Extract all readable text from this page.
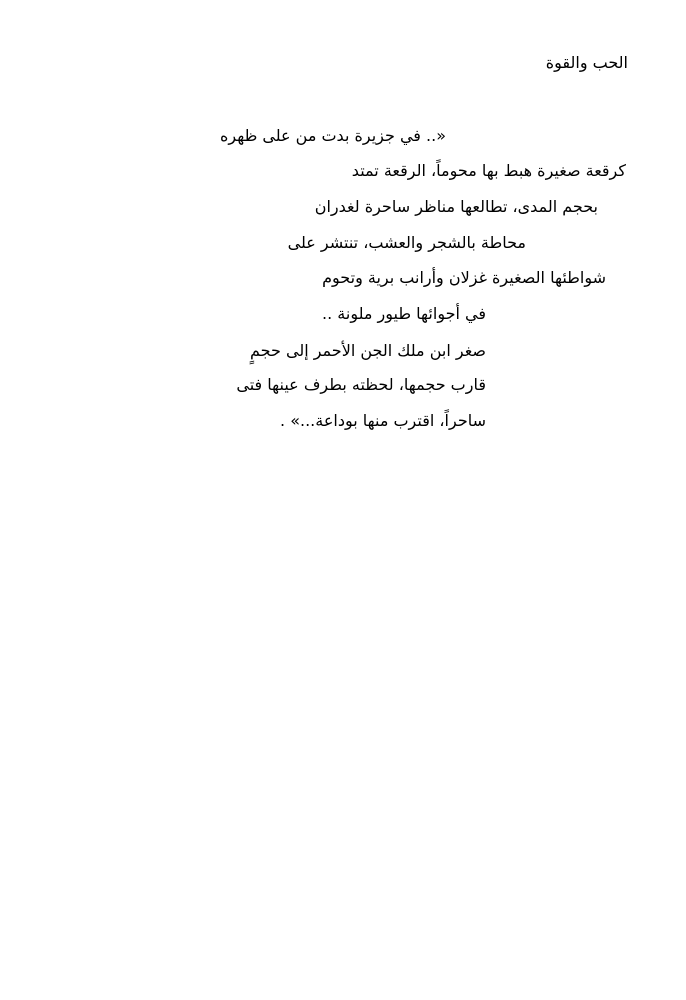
الحب والقوة
«.. في جزيرة بدت من على ظهره
كرقعة صغيرة هبط بها محوماً، الرقعة تمتد
بحجم المدى، تطالعها مناظر ساحرة لغدران
محاطة بالشجر والعشب، تنتشر على
شواطئها الصغيرة غزلان وأرانب برية وتحوم
في أجوائها طيور ملونة ..
صغر ابن ملك الجن الأحمر إلى حجمٍ
قارب حجمها، لحظته بطرف عينها فتى
ساحراً، اقترب منها بوداعة...» .
